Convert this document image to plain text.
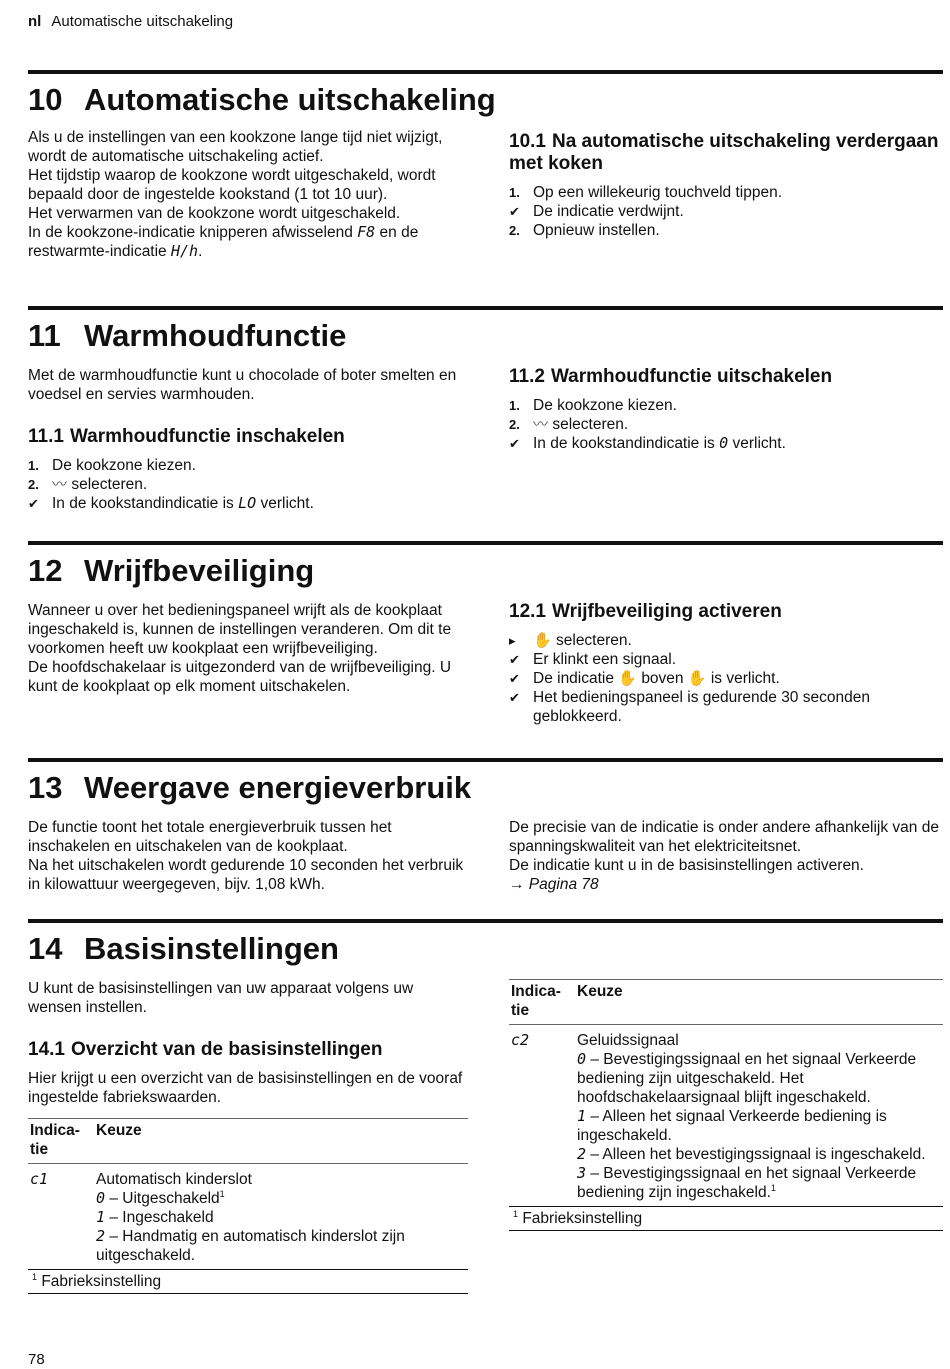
nl Automatische uitschakeling
10 Automatische uitschakeling

Als u de instellingen van een kookzone lange tijd niet wijzigt, wordt de automatische uitschakeling actief.

Het tijdstip waarop de kookzone wordt uitgeschakeld, wordt bepaald door de ingestelde kookstand (1 tot 10 uur).

Het verwarmen van de kookzone wordt uitgeschakeld.

In de kookzone-indicatie knipperen afwisselend F8 en de restwarmte-indicatie H/h.

10.1 Na automatische uitschakeling verdergaan met koken
1. Op een willekeurig touchveld tippen.
✔ De indicatie verdwijnt.
2. Opnieuw instellen.
11 Warmhoudfunctie

Met de warmhoudfunctie kunt u chocolade of boter smelten en voedsel en servies warmhouden.

11.1 Warmhoudfunctie inschakelen
1. De kookzone kiezen.
2. 〰 selecteren.
✔ In de kookstandindicatie is LO verlicht.
11.2 Warmhoudfunctie uitschakelen
1. De kookzone kiezen.
2. 〰 selecteren.
✔ In de kookstandindicatie is 0 verlicht.
12 Wrijfbeveiliging

Wanneer u over het bedieningspaneel wrijft als de kookplaat ingeschakeld is, kunnen de instellingen veranderen. Om dit te voorkomen heeft uw kookplaat een wrijfbeveiliging.

De hoofdschakelaar is uitgezonderd van de wrijfbeveiliging. U kunt de kookplaat op elk moment uitschakelen.

12.1 Wrijfbeveiliging activeren
▸ ✋ selecteren.
✔ Er klinkt een signaal.
✔ De indicatie ✋ boven ✋ is verlicht.
✔ Het bedieningspaneel is gedurende 30 seconden geblokkeerd.
13 Weergave energieverbruik

De functie toont het totale energieverbruik tussen het inschakelen en uitschakelen van de kookplaat.

Na het uitschakelen wordt gedurende 10 seconden het verbruik in kilowattuur weergegeven, bijv. 1,08 kWh.

De precisie van de indicatie is onder andere afhankelijk van de spanningskwaliteit van het elektriciteitsnet.

De indicatie kunt u in de basisinstellingen activeren.

→ Pagina 78

14 Basisinstellingen

U kunt de basisinstellingen van uw apparaat volgens uw wensen instellen.

14.1 Overzicht van de basisinstellingen

Hier krijgt u een overzicht van de basisinstellingen en de vooraf ingestelde fabriekswaarden.

Indica-
tie	Keuze
c1	Automatisch kinderslot
0 – Uitgeschakeld$^1$
1 – Ingeschakeld
2 – Handmatig en automatisch kinderslot zijn uitgeschakeld.
$^1$ Fabrieksinstelling
Indica-
tie	Keuze
c2	Geluidssignaal
0 – Bevestigingssignaal en het signaal Verkeerde bediening zijn uitgeschakeld. Het hoofdschakelaarsignaal blijft ingeschakeld.
1 – Alleen het signaal Verkeerde bediening is ingeschakeld.
2 – Alleen het bevestigingssignaal is ingeschakeld.
3 – Bevestigingssignaal en het signaal Verkeerde bediening zijn ingeschakeld.$^1$
$^1$ Fabrieksinstelling
78
